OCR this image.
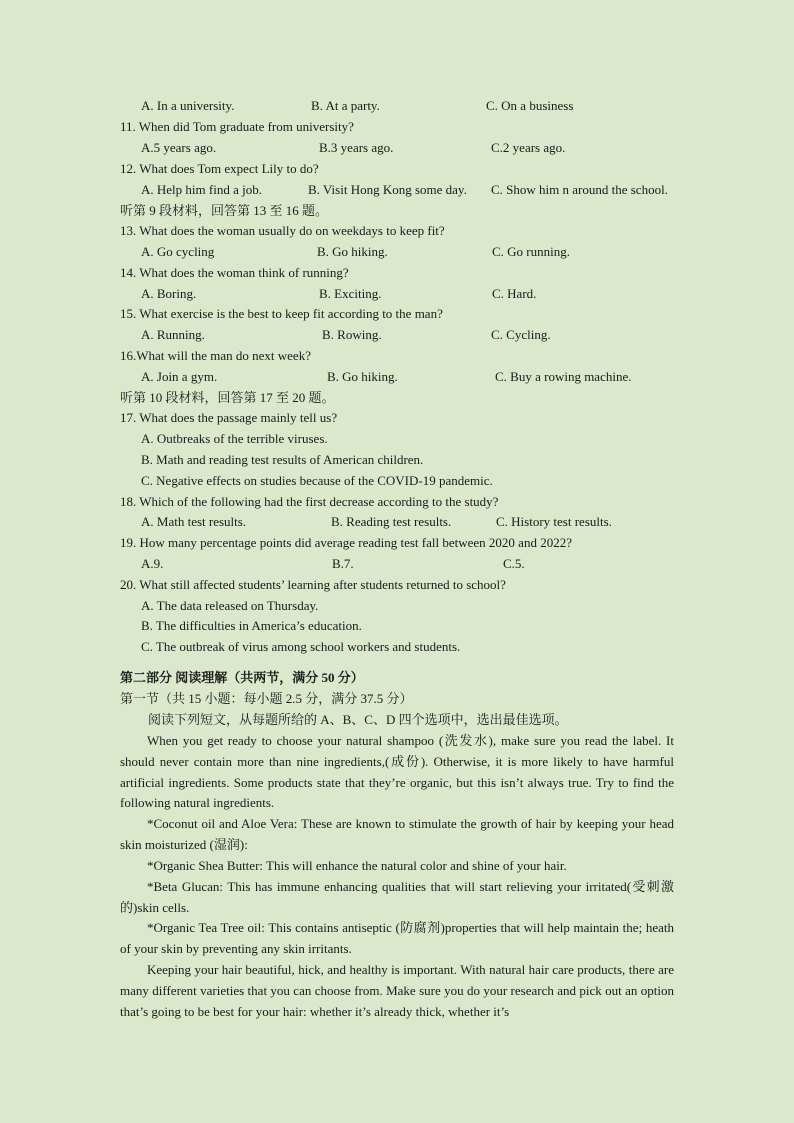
A. In a university.	B. At a party.	C. On a business
11. When did Tom graduate from university?
A.5 years ago.	B.3 years ago.	C.2 years ago.
12. What does Tom expect Lily to do?
A. Help him find a job.	B. Visit Hong Kong some day. C. Show him n around the school.
听第 9 段材料，回答第 13 至 16 题。
13. What does the woman usually do on weekdays to keep fit?
A. Go cycling	B. Go hiking.	C. Go running.
14. What does the woman think of running?
A. Boring.	B. Exciting.	C. Hard.
15. What exercise is the best to keep fit according to the man?
A. Running.	B. Rowing.	C. Cycling.
16.What will the man do next week?
A. Join a gym.	B. Go hiking.	C. Buy a rowing machine.
听第 10 段材料，回答第 17 至 20 题。
17. What does the passage mainly tell us?
A. Outbreaks of the terrible viruses.
B. Math and reading test results of American children.
C. Negative effects on studies because of the COVID-19 pandemic.
18. Which of the following had the first decrease according to the study?
A. Math test results.	B. Reading test results.	C. History test results.
19. How many percentage points did average reading test fall between 2020 and 2022?
A.9.	B.7.	C.5.
20. What still affected students’ learning after students returned to school?
A. The data released on Thursday.
B. The difficulties in America’s education.
C. The outbreak of virus among school workers and students.
第二部分 阅读理解（共两节，满分 50 分）
第一节（共 15 小题：每小题 2.5 分，满分 37.5 分）
阅读下列短文，从每题所给的 A、B、C、D 四个选项中，选出最佳选项。
When you get ready to choose your natural shampoo (洗发水), make sure you read the label. It should never contain more than nine ingredients,(成份). Otherwise, it is more likely to have harmful artificial ingredients. Some products state that they’re organic, but this isn’t always true. Try to find the following natural ingredients.
*Coconut oil and Aloe Vera: These are known to stimulate the growth of hair by keeping your head skin moisturized (湿润):
*Organic Shea Butter: This will enhance the natural color and shine of your hair.
*Beta Glucan: This has immune enhancing qualities that will start relieving your irritated(受刺激的)skin cells.
*Organic Tea Tree oil: This contains antiseptic (防腐剂)properties that will help maintain the; heath of your skin by preventing any skin irritants.
Keeping your hair beautiful, hick, and healthy is important. With natural hair care products, there are many different varieties that you can choose from. Make sure you do your research and pick out an option that’s going to be best for your hair: whether it’s already thick, whether it’s
